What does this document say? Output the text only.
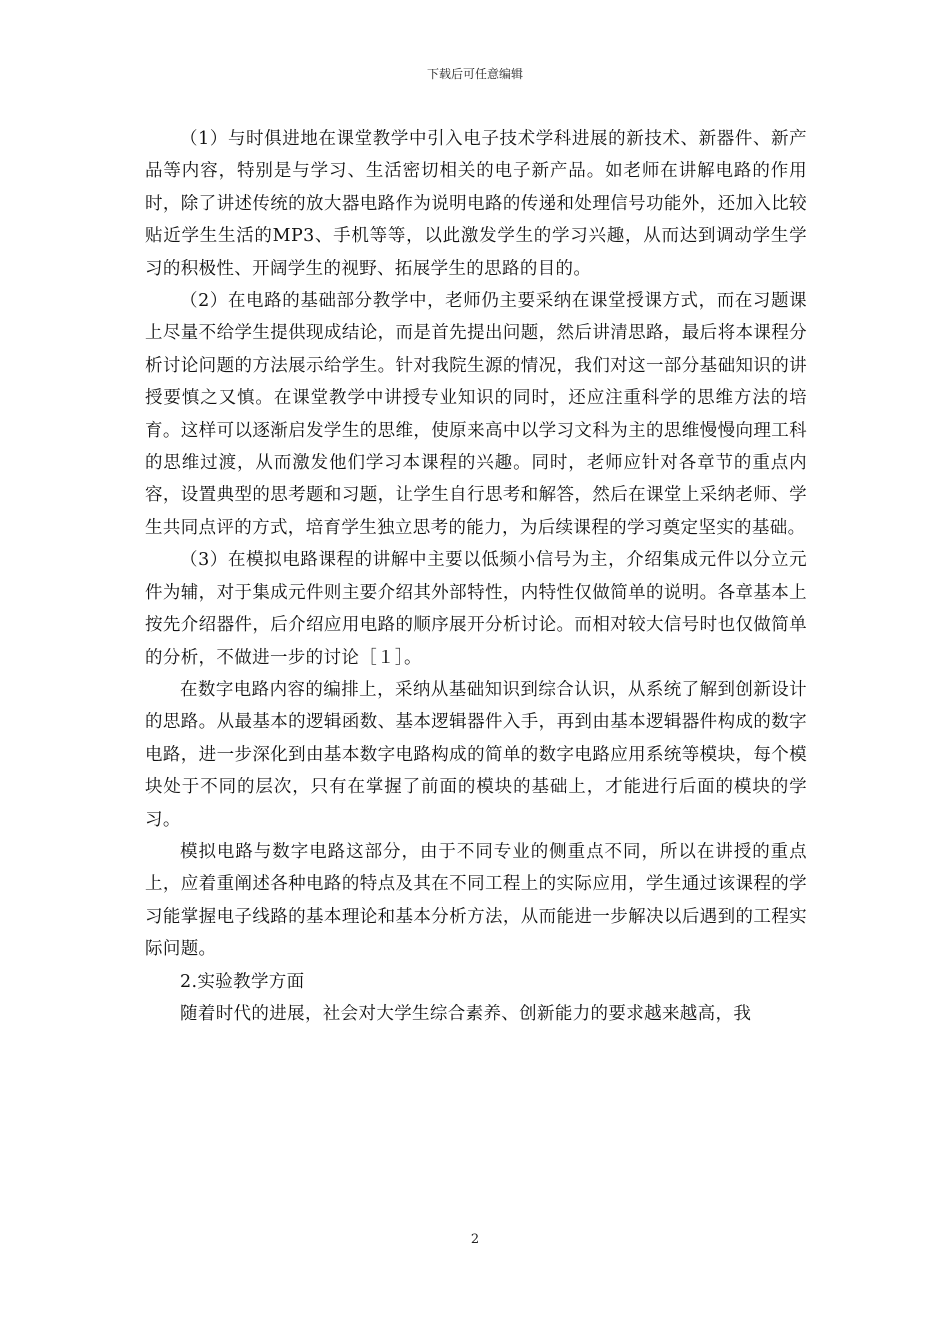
下载后可任意编辑

（1）与时俱进地在课堂教学中引入电子技术学科进展的新技术、新器件、新产品等内容，特别是与学习、生活密切相关的电子新产品。如老师在讲解电路的作用时，除了讲述传统的放大器电路作为说明电路的传递和处理信号功能外，还加入比较贴近学生生活的MP3、手机等等，以此激发学生的学习兴趣，从而达到调动学生学习的积极性、开阔学生的视野、拓展学生的思路的目的。

（2）在电路的基础部分教学中，老师仍主要采纳在课堂授课方式，而在习题课上尽量不给学生提供现成结论，而是首先提出问题，然后讲清思路，最后将本课程分析讨论问题的方法展示给学生。针对我院生源的情况，我们对这一部分基础知识的讲授要慎之又慎。在课堂教学中讲授专业知识的同时，还应注重科学的思维方法的培育。这样可以逐渐启发学生的思维，使原来高中以学习文科为主的思维慢慢向理工科的思维过渡，从而激发他们学习本课程的兴趣。同时，老师应针对各章节的重点内容，设置典型的思考题和习题，让学生自行思考和解答，然后在课堂上采纳老师、学生共同点评的方式，培育学生独立思考的能力，为后续课程的学习奠定坚实的基础。

（3）在模拟电路课程的讲解中主要以低频小信号为主，介绍集成元件以分立元件为辅，对于集成元件则主要介绍其外部特性，内特性仅做简单的说明。各章基本上按先介绍器件，后介绍应用电路的顺序展开分析讨论。而相对较大信号时也仅做简单的分析，不做进一步的讨论［１］。

在数字电路内容的编排上，采纳从基础知识到综合认识，从系统了解到创新设计的思路。从最基本的逻辑函数、基本逻辑器件入手，再到由基本逻辑器件构成的数字电路，进一步深化到由基本数字电路构成的简单的数字电路应用系统等模块，每个模块处于不同的层次，只有在掌握了前面的模块的基础上，才能进行后面的模块的学习。

模拟电路与数字电路这部分，由于不同专业的侧重点不同，所以在讲授的重点上，应着重阐述各种电路的特点及其在不同工程上的实际应用，学生通过该课程的学习能掌握电子线路的基本理论和基本分析方法，从而能进一步解决以后遇到的工程实际问题。

2.实验教学方面

随着时代的进展，社会对大学生综合素养、创新能力的要求越来越高，我

2
